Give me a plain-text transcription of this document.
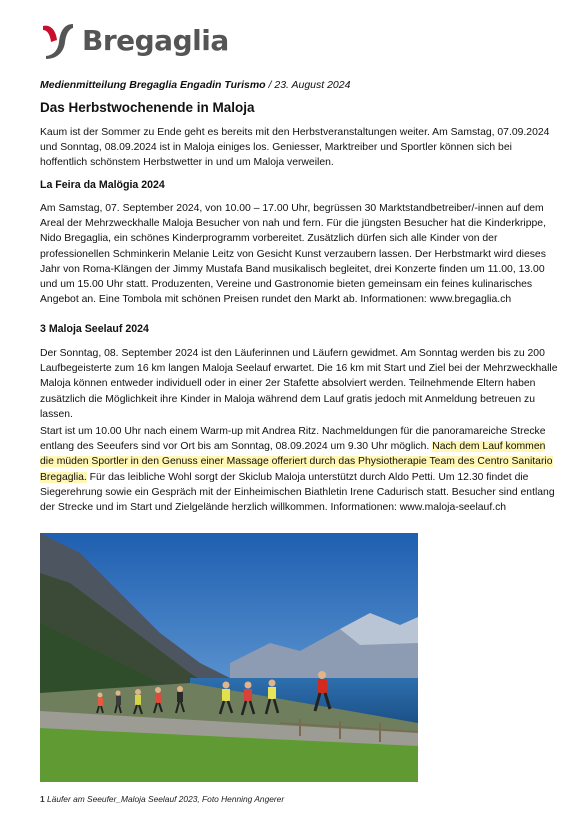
Bregaglia
Medienmitteilung Bregaglia Engadin Turismo / 23. August 2024
Das Herbstwochenende in Maloja
Kaum ist der Sommer zu Ende geht es bereits mit den Herbstveranstaltungen weiter. Am Samstag, 07.09.2024 und Sonntag, 08.09.2024 ist in Maloja einiges los. Geniesser, Marktreiber und Sportler können sich bei hoffentlich schönstem Herbstwetter in und um Maloja verweilen.
La Feira da Malögia 2024
Am Samstag, 07. September 2024, von 10.00 – 17.00 Uhr, begrüssen 30 Marktstandbetreiber/-innen auf dem Areal der Mehrzweckhalle Maloja Besucher von nah und fern. Für die jüngsten Besucher hat die Kinderkrippe, Nido Bregaglia, ein schönes Kinderprogramm vorbereitet. Zusätzlich dürfen sich alle Kinder von der professionellen Schminkerin Melanie Leitz von Gesicht Kunst verzaubern lassen. Der Herbstmarkt wird dieses Jahr von Roma-Klängen der Jimmy Mustafa Band musikalisch begleitet, drei Konzerte finden um 11.00, 13.00 und um 15.00 Uhr statt. Produzenten, Vereine und Gastronomie bieten gemeinsam ein feines kulinarisches Angebot an. Eine Tombola mit schönen Preisen rundet den Markt ab. Informationen: www.bregaglia.ch
3 Maloja Seelauf 2024
Der Sonntag, 08. September 2024 ist den Läuferinnen und Läufern gewidmet. Am Sonntag werden bis zu 200 Laufbegeisterte zum 16 km langen Maloja Seelauf erwartet. Die 16 km mit Start und Ziel bei der Mehrzweckhalle Maloja können entweder individuell oder in einer 2er Stafette absolviert werden. Teilnehmende Eltern haben zusätzlich die Möglichkeit ihre Kinder in Maloja während dem Lauf gratis jedoch mit Anmeldung betreuen zu lassen.
Start ist um 10.00 Uhr nach einem Warm-up mit Andrea Ritz. Nachmeldungen für die panoramareiche Strecke entlang des Seeufers sind vor Ort bis am Sonntag, 08.09.2024 um 9.30 Uhr möglich. Nach dem Lauf kommen die müden Sportler in den Genuss einer Massage offeriert durch das Physiotherapie Team des Centro Sanitario Bregaglia. Für das leibliche Wohl sorgt der Skiclub Maloja unterstützt durch Aldo Petti. Um 12.30 findet die Siegerehrung sowie ein Gespräch mit der Einheimischen Biathletin Irene Cadurisch statt. Besucher sind entlang der Strecke und im Start und Zielgelände herzlich willkommen. Informationen: www.maloja-seelauf.ch
1 Läufer am Seeufer_Maloja Seelauf 2023, Foto Henning Angerer
